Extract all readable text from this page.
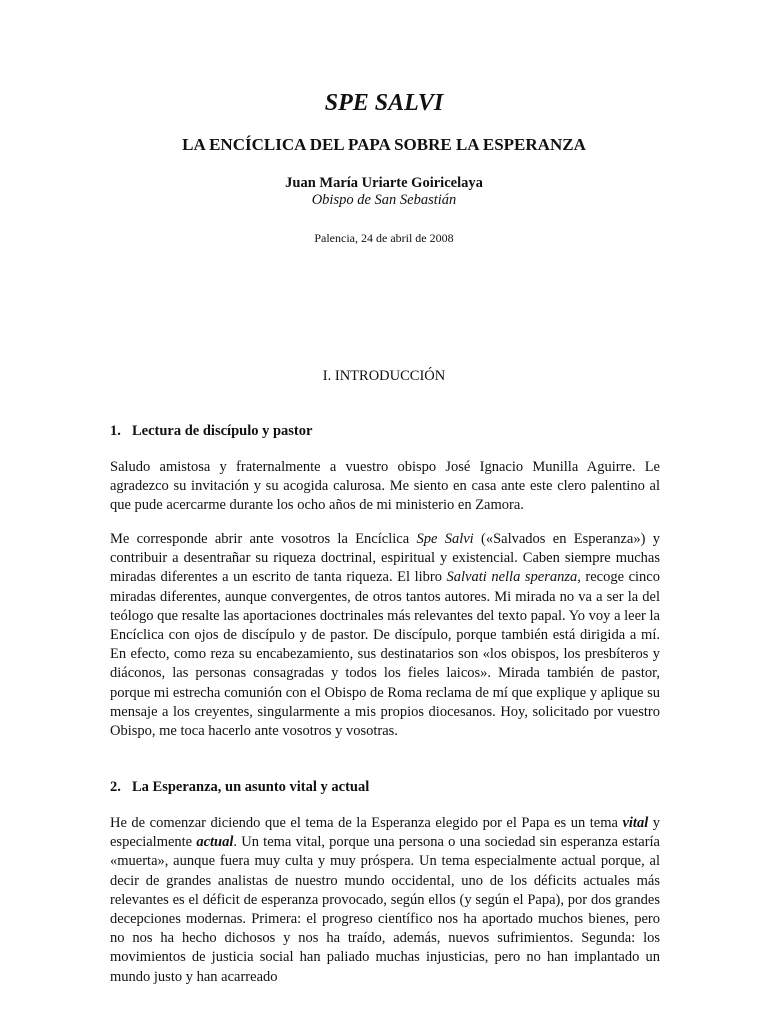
SPE SALVI
LA ENCÍCLICA DEL PAPA SOBRE LA ESPERANZA

Juan María Uriarte Goiricelaya

Obispo de San Sebastián

Palencia, 24 de abril de 2008

I. INTRODUCCIÓN

1. Lectura de discípulo y pastor

Saludo amistosa y fraternalmente a vuestro obispo José Ignacio Munilla Aguirre. Le agradezco su invitación y su acogida calurosa. Me siento en casa ante este clero palentino al que pude acercarme durante los ocho años de mi ministerio en Zamora.

Me corresponde abrir ante vosotros la Encíclica Spe Salvi («Salvados en Esperanza») y contribuir a desentrañar su riqueza doctrinal, espiritual y existencial. Caben siempre muchas miradas diferentes a un escrito de tanta riqueza. El libro Salvati nella speranza, recoge cinco miradas diferentes, aunque convergentes, de otros tantos autores. Mi mirada no va a ser la del teólogo que resalte las aportaciones doctrinales más relevantes del texto papal. Yo voy a leer la Encíclica con ojos de discípulo y de pastor. De discípulo, porque también está dirigida a mí. En efecto, como reza su encabezamiento, sus destinatarios son «los obispos, los presbíteros y diáconos, las personas consagradas y todos los fieles laicos». Mirada también de pastor, porque mi estrecha comunión con el Obispo de Roma reclama de mí que explique y aplique su mensaje a los creyentes, singularmente a mis propios diocesanos. Hoy, solicitado por vuestro Obispo, me toca hacerlo ante vosotros y vosotras.

2. La Esperanza, un asunto vital y actual

He de comenzar diciendo que el tema de la Esperanza elegido por el Papa es un tema vital y especialmente actual. Un tema vital, porque una persona o una sociedad sin esperanza estaría «muerta», aunque fuera muy culta y muy próspera. Un tema especialmente actual porque, al decir de grandes analistas de nuestro mundo occidental, uno de los déficits actuales más relevantes es el déficit de esperanza provocado, según ellos (y según el Papa), por dos grandes decepciones modernas. Primera: el progreso científico nos ha aportado muchos bienes, pero no nos ha hecho dichosos y nos ha traído, además, nuevos sufrimientos. Segunda: los movimientos de justicia social han paliado muchas injusticias, pero no han implantado un mundo justo y han acarreado
